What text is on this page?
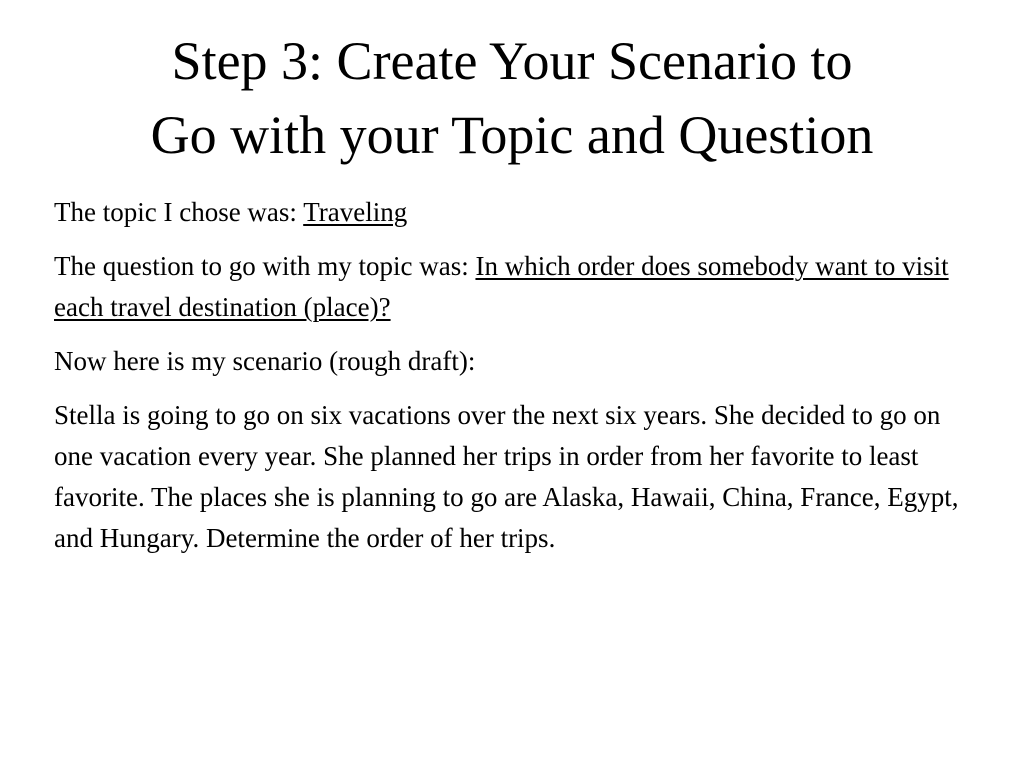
Step 3: Create Your Scenario to
Go with your Topic and Question

The topic I chose was: Traveling

The question to go with my topic was: In which order does somebody want to visit each travel destination (place)?

Now here is my scenario (rough draft):

Stella is going to go on six vacations over the next six years. She decided to go on one vacation every year. She planned her trips in order from her favorite to least favorite. The places she is planning to go are Alaska, Hawaii, China, France, Egypt, and Hungary. Determine the order of her trips.
